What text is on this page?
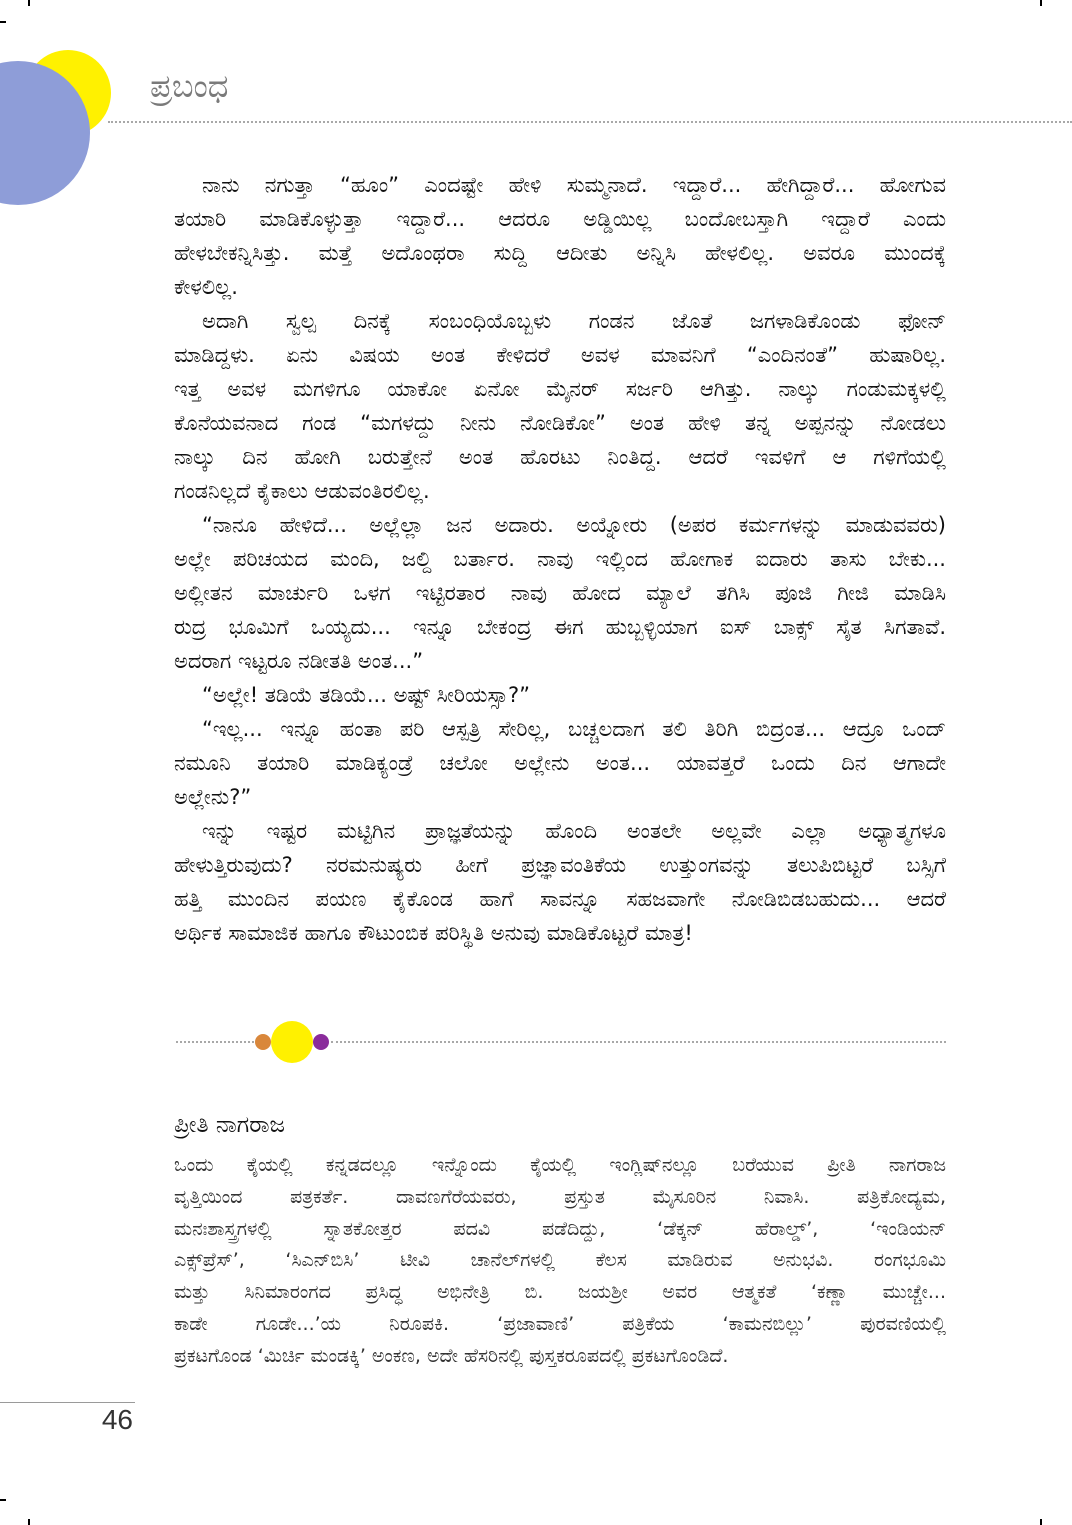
ಪ್ರಬಂಧ
ನಾನು ನಗುತ್ತಾ “ಹೂಂ” ಎಂದಷ್ಟೇ ಹೇಳಿ ಸುಮ್ಮನಾದೆ. ಇದ್ದಾರೆ... ಹೇಗಿದ್ದಾರೆ... ಹೋಗುವ
ತಯಾರಿ ಮಾಡಿಕೊಳ್ಳುತ್ತಾ ಇದ್ದಾರೆ... ಆದರೂ ಅಡ್ಡಿಯಿಲ್ಲ ಬಂದೋಬಸ್ತಾಗಿ ಇದ್ದಾರೆ ಎಂದು
ಹೇಳಬೇಕನ್ನಿಸಿತ್ತು. ಮತ್ತೆ ಅದೊಂಥರಾ ಸುದ್ದಿ ಆದೀತು ಅನ್ನಿಸಿ ಹೇಳಲಿಲ್ಲ. ಅವರೂ ಮುಂದಕ್ಕೆ
ಕೇಳಲಿಲ್ಲ.
ಅದಾಗಿ ಸ್ವಲ್ಪ ದಿನಕ್ಕೆ ಸಂಬಂಧಿಯೊಬ್ಬಳು ಗಂಡನ ಜೊತೆ ಜಗಳಾಡಿಕೊಂಡು ಫೋನ್
ಮಾಡಿದ್ದಳು. ಏನು ವಿಷಯ ಅಂತ ಕೇಳಿದರೆ ಅವಳ ಮಾವನಿಗೆ “ಎಂದಿನಂತೆ” ಹುಷಾರಿಲ್ಲ.
ಇತ್ತ ಅವಳ ಮಗಳಿಗೂ ಯಾಕೋ ಏನೋ ಮೈನರ್ ಸರ್ಜರಿ ಆಗಿತ್ತು. ನಾಲ್ಕು ಗಂಡುಮಕ್ಕಳಲ್ಲಿ
ಕೊನೆಯವನಾದ ಗಂಡ “ಮಗಳದ್ದು ನೀನು ನೋಡಿಕೋ” ಅಂತ ಹೇಳಿ ತನ್ನ ಅಪ್ಪನನ್ನು ನೋಡಲು
ನಾಲ್ಕು ದಿನ ಹೋಗಿ ಬರುತ್ತೇನೆ ಅಂತ ಹೊರಟು ನಿಂತಿದ್ದ. ಆದರೆ ಇವಳಿಗೆ ಆ ಗಳಿಗೆಯಲ್ಲಿ
ಗಂಡನಿಲ್ಲದೆ ಕೈಕಾಲು ಆಡುವಂತಿರಲಿಲ್ಲ.
“ನಾನೂ ಹೇಳಿದೆ... ಅಲ್ಲೆಲ್ಲಾ ಜನ ಅದಾರು. ಅಯ್ನೋರು (ಅಪರ ಕರ್ಮಗಳನ್ನು ಮಾಡುವವರು)
ಅಲ್ಲೇ ಪರಿಚಯದ ಮಂದಿ, ಜಲ್ದಿ ಬರ್ತಾರ. ನಾವು ಇಲ್ಲಿಂದ ಹೋಗಾಕ ಐದಾರು ತಾಸು ಬೇಕು...
ಅಲ್ಲೀತನ ಮಾರ್ಚುರಿ ಒಳಗ ಇಟ್ಟಿರತಾರ ನಾವು ಹೋದ ಮ್ಯಾಲೆ ತಗಿಸಿ ಪೂಜಿ ಗೀಜಿ ಮಾಡಿಸಿ
ರುದ್ರ ಭೂಮಿಗೆ ಒಯ್ಯದು... ಇನ್ನೂ ಬೇಕಂದ್ರ ಈಗ ಹುಬ್ಬಳ್ಳಿಯಾಗ ಐಸ್ ಬಾಕ್ಸ್ ಸೈತ ಸಿಗತಾವೆ.
ಅದರಾಗ ಇಟ್ಟರೂ ನಡೀತತಿ ಅಂತ...”
“ಅಲ್ಲೇ! ತಡಿಯೆ ತಡಿಯೆ... ಅಷ್ಟ್ ಸೀರಿಯಸ್ಸಾ?”
“ಇಲ್ಲ... ಇನ್ನೂ ಹಂತಾ ಪರಿ ಆಸ್ಪತ್ರಿ ಸೇರಿಲ್ಲ, ಬಚ್ಚಲದಾಗ ತಲಿ ತಿರಿಗಿ ಬಿದ್ರಂತ... ಆದ್ರೂ ಒಂದ್
ನಮೂನಿ ತಯಾರಿ ಮಾಡಿಕ್ಯಂಡ್ರೆ ಚಲೋ ಅಲ್ಲೇನು ಅಂತ... ಯಾವತ್ತರೆ ಒಂದು ದಿನ ಆಗಾದೇ
ಅಲ್ಲೇನು?”
ಇನ್ನು ಇಷ್ಟರ ಮಟ್ಟಿಗಿನ ಪ್ರಾಜ್ಞತೆಯನ್ನು ಹೊಂದಿ ಅಂತಲೇ ಅಲ್ಲವೇ ಎಲ್ಲಾ ಅಧ್ಯಾತ್ಮಗಳೂ
ಹೇಳುತ್ತಿರುವುದು? ನರಮನುಷ್ಯರು ಹೀಗೆ ಪ್ರಜ್ಞಾವಂತಿಕೆಯ ಉತ್ತುಂಗವನ್ನು ತಲುಪಿಬಿಟ್ಟರೆ ಬಸ್ಸಿಗೆ
ಹತ್ತಿ ಮುಂದಿನ ಪಯಣ ಕೈಕೊಂಡ ಹಾಗೆ ಸಾವನ್ನೂ ಸಹಜವಾಗೇ ನೋಡಿಬಿಡಬಹುದು... ಆದರೆ
ಅರ್ಥಿಕ ಸಾಮಾಜಿಕ ಹಾಗೂ ಕೌಟುಂಬಿಕ ಪರಿಸ್ಥಿತಿ ಅನುವು ಮಾಡಿಕೊಟ್ಟರೆ ಮಾತ್ರ!
ಪ್ರೀತಿ ನಾಗರಾಜ
ಒಂದು ಕೈಯಲ್ಲಿ ಕನ್ನಡದಲ್ಲೂ ಇನ್ನೊಂದು ಕೈಯಲ್ಲಿ ಇಂಗ್ಲಿಷ್‌ನಲ್ಲೂ ಬರೆಯುವ ಪ್ರೀತಿ ನಾಗರಾಜ
ವೃತ್ತಿಯಿಂದ ಪತ್ರಕರ್ತೆ. ದಾವಣಗೆರೆಯವರು, ಪ್ರಸ್ತುತ ಮೈಸೂರಿನ ನಿವಾಸಿ. ಪತ್ರಿಕೋದ್ಯಮ,
ಮನಃಶಾಸ್ತ್ರಗಳಲ್ಲಿ ಸ್ನಾತಕೋತ್ತರ ಪದವಿ ಪಡೆದಿದ್ದು, ‘ಡೆಕ್ಕನ್ ಹೆರಾಲ್ಡ್’, ‘ಇಂಡಿಯನ್
ಎಕ್ಸ್‌ಪ್ರೆಸ್’, ‘ಸಿಎನ್‌ಬಿಸಿ’ ಟೀವಿ ಚಾನೆಲ್‌ಗಳಲ್ಲಿ ಕೆಲಸ ಮಾಡಿರುವ ಅನುಭವಿ. ರಂಗಭೂಮಿ
ಮತ್ತು ಸಿನಿಮಾರಂಗದ ಪ್ರಸಿದ್ಧ ಅಭಿನೇತ್ರಿ ಬಿ. ಜಯಶ್ರೀ ಅವರ ಆತ್ಮಕತೆ ‘ಕಣ್ಣಾ ಮುಚ್ಚೇ...
ಕಾಡೇ ಗೂಡೇ...’ಯ ನಿರೂಪಕಿ. ‘ಪ್ರಜಾವಾಣಿ’ ಪತ್ರಿಕೆಯ ‘ಕಾಮನಬಿಲ್ಲು’ ಪುರವಣಿಯಲ್ಲಿ
ಪ್ರಕಟಗೊಂಡ ‘ಮಿರ್ಚಿ ಮಂಡಕ್ಕಿ’ ಅಂಕಣ, ಅದೇ ಹೆಸರಿನಲ್ಲಿ ಪುಸ್ತಕರೂಪದಲ್ಲಿ ಪ್ರಕಟಗೊಂಡಿದೆ.
46
